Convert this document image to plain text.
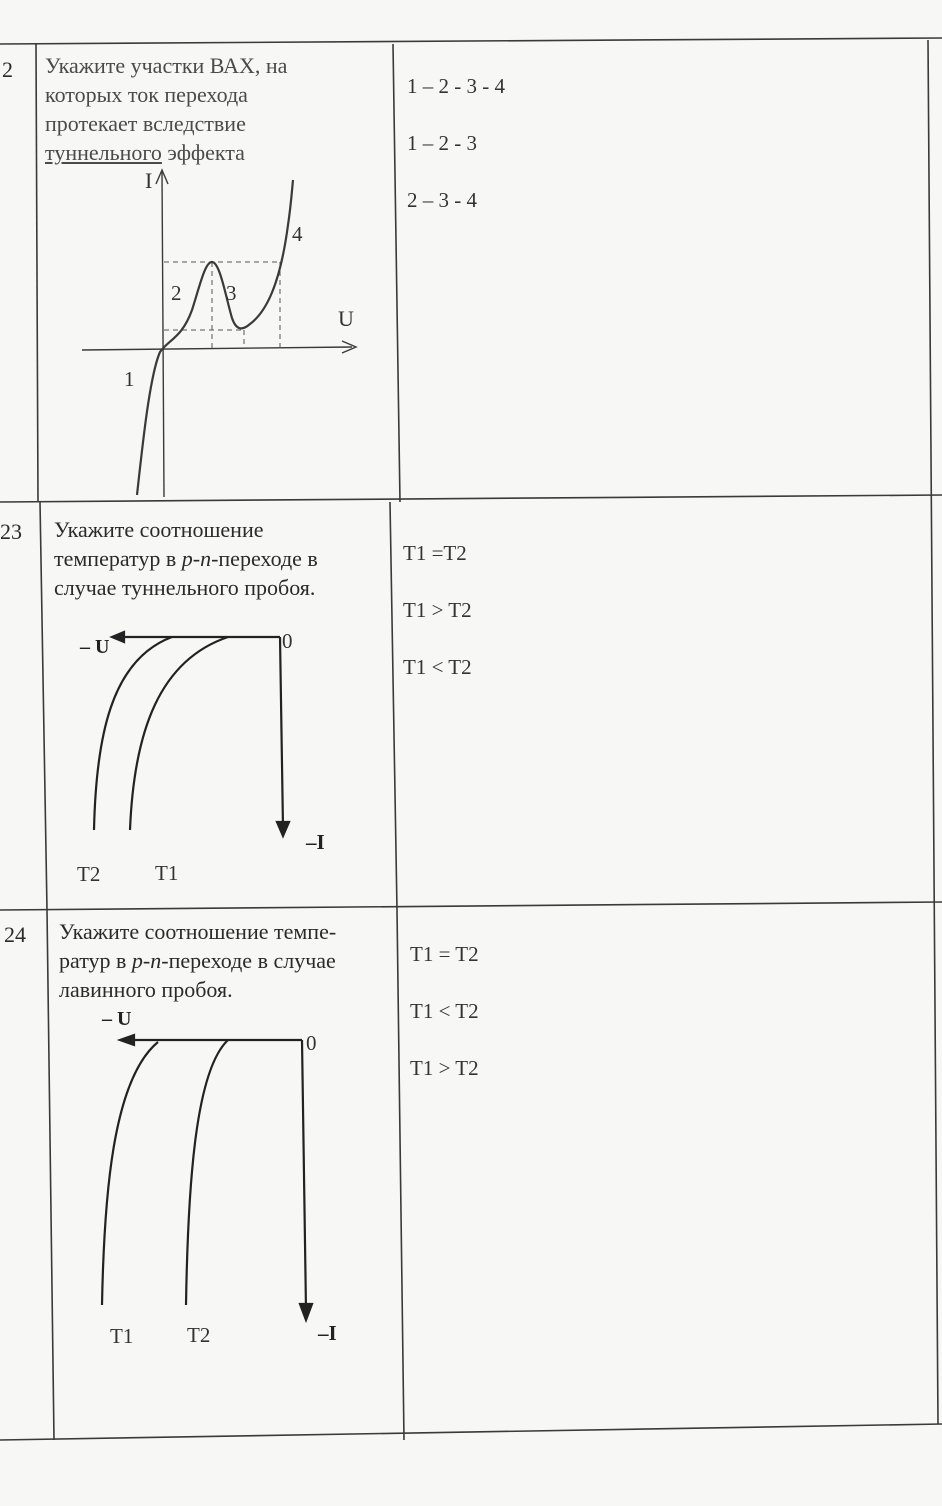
2 Укажите участки ВАХ, на
которых ток перехода
протекает вследствие
туннельного эффекта
1 – 2 - 3 - 4
1 – 2 - 3
2 – 3 - 4
I
U
1
2 3
4
23 Укажите соотношение
температур в p-n-переходе в
случае туннельного пробоя.
T1 =T2
T1 > T2
T1 < T2
– U	0
–I
T2	T1
24 Укажите соотношение темпе-
ратур в p-n-переходе в случае
лавинного пробоя.
T1 = T2
T1 < T2
T1 > T2
– U
0
–I
T1	T2
